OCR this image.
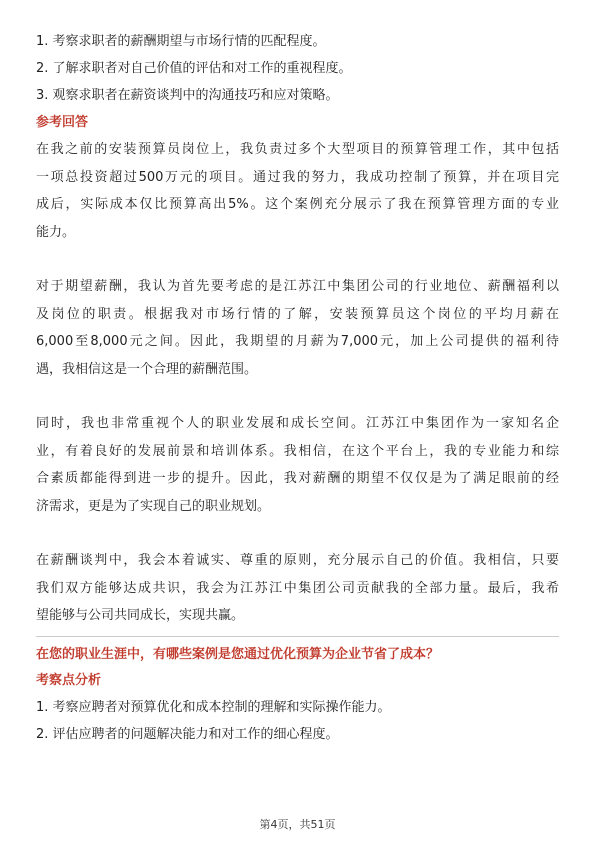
1. 考察求职者的薪酬期望与市场行情的匹配程度。
2. 了解求职者对自己价值的评估和对工作的重视程度。
3. 观察求职者在薪资谈判中的沟通技巧和应对策略。
参考回答
在我之前的安装预算员岗位上，我负责过多个大型项目的预算管理工作，其中包括
一项总投资超过500万元的项目。通过我的努力，我成功控制了预算，并在项目完
成后，实际成本仅比预算高出5%。这个案例充分展示了我在预算管理方面的专业
能力。
对于期望薪酬，我认为首先要考虑的是江苏江中集团公司的行业地位、薪酬福利以
及岗位的职责。根据我对市场行情的了解，安装预算员这个岗位的平均月薪在
6,000至8,000元之间。因此，我期望的月薪为7,000元，加上公司提供的福利待
遇，我相信这是一个合理的薪酬范围。
同时，我也非常重视个人的职业发展和成长空间。江苏江中集团作为一家知名企
业，有着良好的发展前景和培训体系。我相信，在这个平台上，我的专业能力和综
合素质都能得到进一步的提升。因此，我对薪酬的期望不仅仅是为了满足眼前的经
济需求，更是为了实现自己的职业规划。
在薪酬谈判中，我会本着诚实、尊重的原则，充分展示自己的价值。我相信，只要
我们双方能够达成共识，我会为江苏江中集团公司贡献我的全部力量。最后，我希
望能够与公司共同成长，实现共赢。
在您的职业生涯中，有哪些案例是您通过优化预算为企业节省了成本？
考察点分析
1. 考察应聘者对预算优化和成本控制的理解和实际操作能力。
2. 评估应聘者的问题解决能力和对工作的细心程度。
第4页，共51页
